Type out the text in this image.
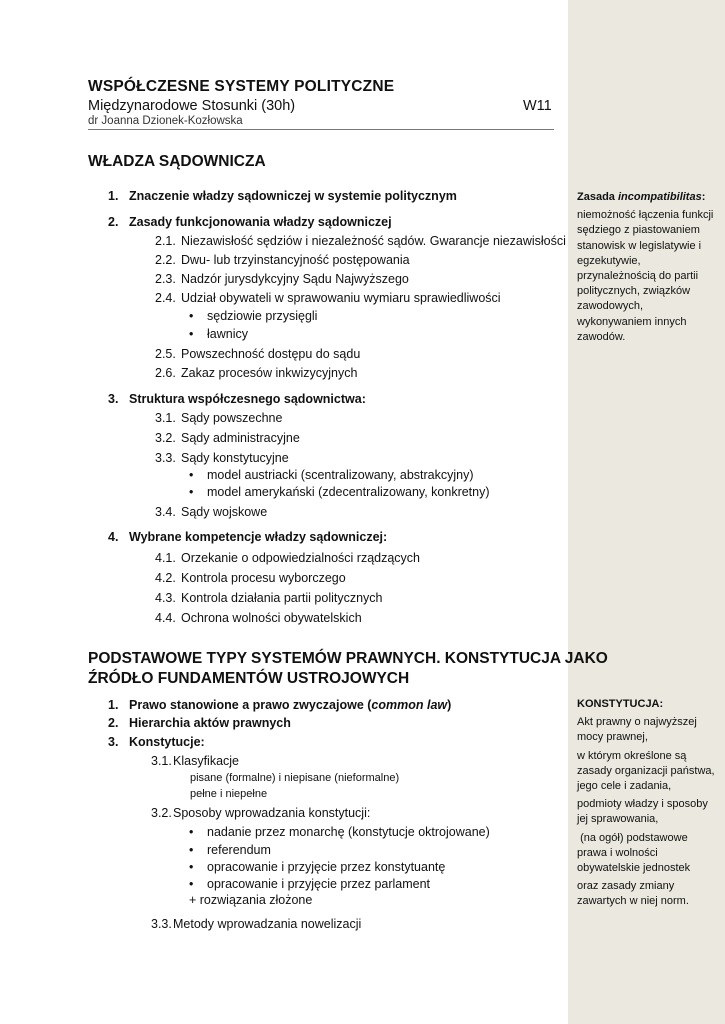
WSPÓŁCZESNE SYSTEMY POLITYCZNE
Międzynarodowe Stosunki (30h)	W11
dr Joanna Dzionek-Kozłowska
WŁADZA SĄDOWNICZA
1. Znaczenie władzy sądowniczej w systemie politycznym
2. Zasady funkcjonowania władzy sądowniczej
2.1. Niezawisłość sędziów i niezależność sądów. Gwarancje niezawisłości
2.2. Dwu- lub trzyinstancyjność postępowania
2.3. Nadzór jurysdykcyjny Sądu Najwyższego
2.4. Udział obywateli w sprawowaniu wymiaru sprawiedliwości
• sędziowie przysięgli
• ławnicy
2.5. Powszechność dostępu do sądu
2.6. Zakaz procesów inkwizycyjnych
3. Struktura współczesnego sądownictwa:
3.1. Sądy powszechne
3.2. Sądy administracyjne
3.3. Sądy konstytucyjne
• model austriacki (scentralizowany, abstrakcyjny)
• model amerykański (zdecentralizowany, konkretny)
3.4. Sądy wojskowe
4. Wybrane kompetencje władzy sądowniczej:
4.1. Orzekanie o odpowiedzialności rządzących
4.2. Kontrola procesu wyborczego
4.3. Kontrola działania partii politycznych
4.4. Ochrona wolności obywatelskich
PODSTAWOWE TYPY SYSTEMÓW PRAWNYCH. KONSTYTUCJA JAKO
ŹRÓDŁO FUNDAMENTÓW USTROJOWYCH
1. Prawo stanowione a prawo zwyczajowe (common law)
2. Hierarchia aktów prawnych
3. Konstytucje:
3.1. Klasyfikacje
pisane (formalne) i niepisane (nieformalne)
pełne i niepełne
3.2. Sposoby wprowadzania konstytucji:
• nadanie przez monarchę (konstytucje oktrojowane)
• referendum
• opracowanie i przyjęcie przez konstytuantę
• opracowanie i przyjęcie przez parlament
+ rozwiązania złożone
3.3. Metody wprowadzania nowelizacji
Zasada incompatibilitas:
niemożność łączenia funkcji sędziego z piastowaniem stanowisk w legislatywie i egzekutywie, przynależnością do partii politycznych, związków zawodowych, wykonywaniem innych zawodów.
KONSTYTUCJA:
Akt prawny o najwyższej mocy prawnej,
w którym określone są zasady organizacji państwa, jego cele i zadania,
podmioty władzy i sposoby jej sprawowania,
(na ogół) podstawowe prawa i wolności obywatelskie jednostek
oraz zasady zmiany zawartych w niej norm.
